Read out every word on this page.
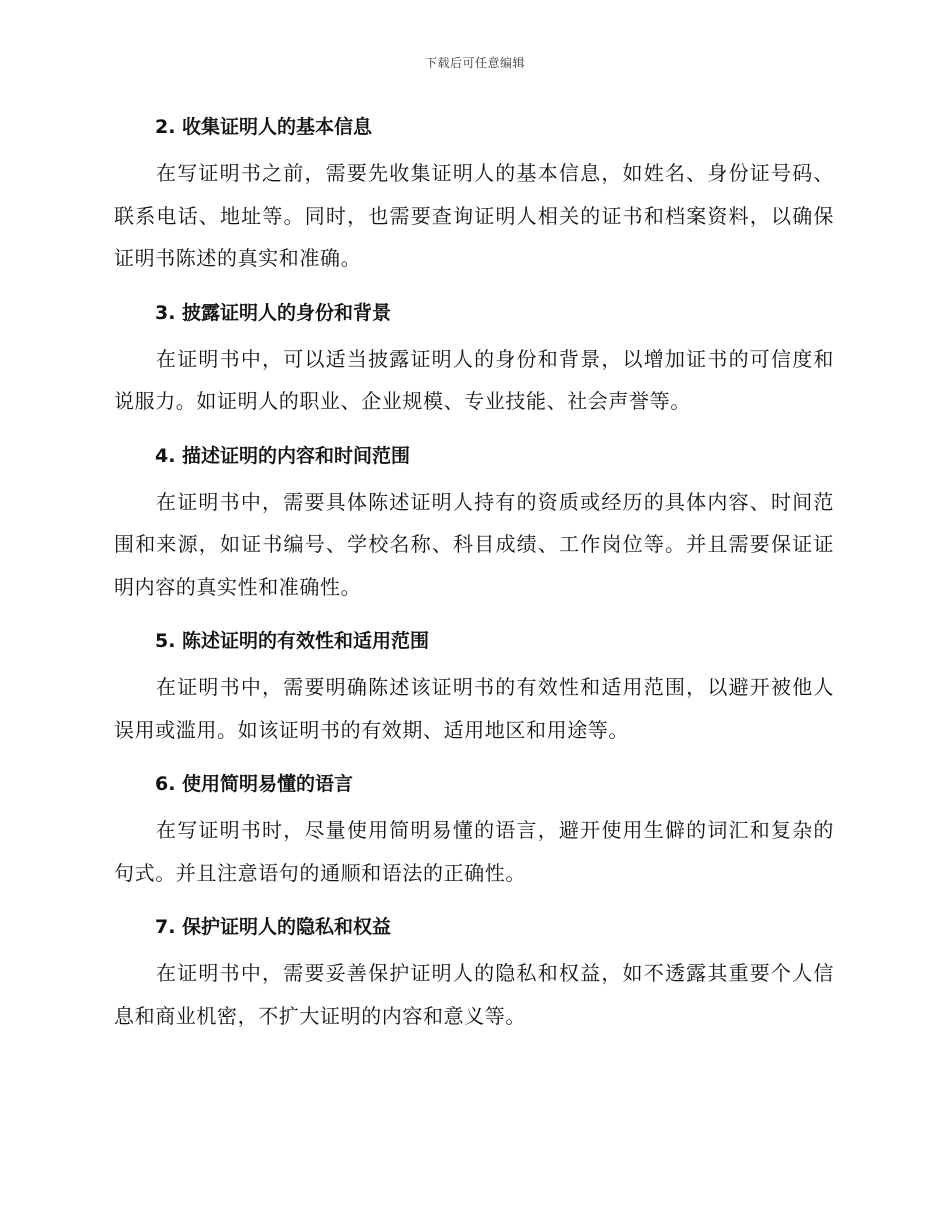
下载后可任意编辑
2. 收集证明人的基本信息

在写证明书之前，需要先收集证明人的基本信息，如姓名、身份证号码、联系电话、地址等。同时，也需要查询证明人相关的证书和档案资料，以确保证明书陈述的真实和准确。

3. 披露证明人的身份和背景

在证明书中，可以适当披露证明人的身份和背景，以增加证书的可信度和说服力。如证明人的职业、企业规模、专业技能、社会声誉等。

4. 描述证明的内容和时间范围

在证明书中，需要具体陈述证明人持有的资质或经历的具体内容、时间范围和来源，如证书编号、学校名称、科目成绩、工作岗位等。并且需要保证证明内容的真实性和准确性。

5. 陈述证明的有效性和适用范围

在证明书中，需要明确陈述该证明书的有效性和适用范围，以避开被他人误用或滥用。如该证明书的有效期、适用地区和用途等。

6. 使用简明易懂的语言

在写证明书时，尽量使用简明易懂的语言，避开使用生僻的词汇和复杂的句式。并且注意语句的通顺和语法的正确性。

7. 保护证明人的隐私和权益

在证明书中，需要妥善保护证明人的隐私和权益，如不透露其重要个人信息和商业机密，不扩大证明的内容和意义等。
